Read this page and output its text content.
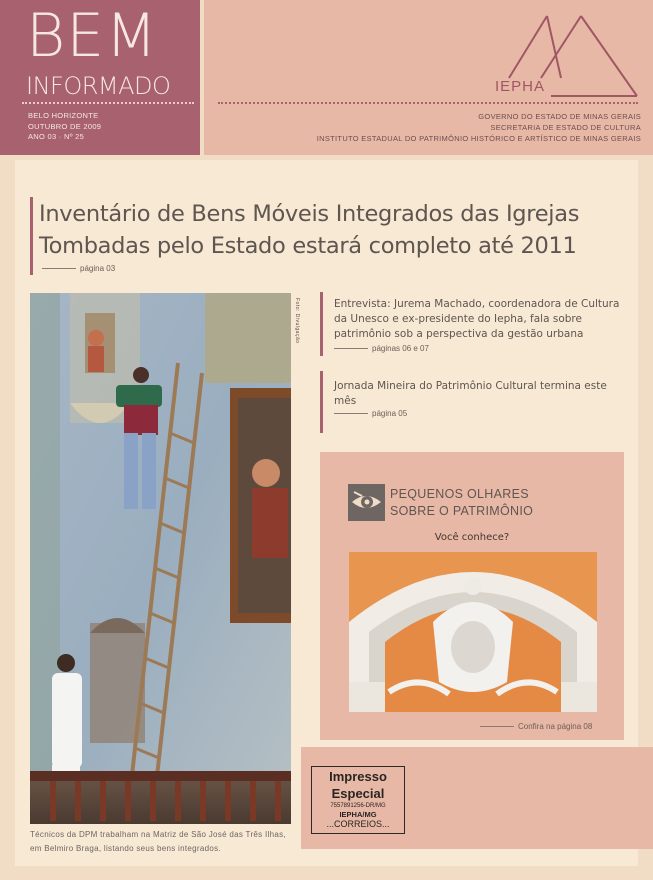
BEM
INFORMADO
BELO HORIZONTE
OUTUBRO DE 2009
ANO 03 · Nº 25
IEPHA
GOVERNO DO ESTADO DE MINAS GERAIS
SECRETARIA DE ESTADO DE CULTURA
INSTITUTO ESTADUAL DO PATRIMÔNIO HISTÓRICO E ARTÍSTICO DE MINAS GERAIS
Inventário de Bens Móveis Integrados das Igrejas
Tombadas pelo Estado estará completo até 2011
página 03
Foto: Divulgação
Técnicos da DPM trabalham na Matriz de São José das Três Ilhas, em Belmiro Braga, listando seus bens integrados.
Entrevista: Jurema Machado, coordenadora de Cultura da Unesco e ex-presidente do Iepha, fala sobre patrimônio sob a perspectiva da gestão urbana
páginas 06 e 07
Jornada Mineira do Patrimônio Cultural termina este mês
página 05
PEQUENOS OLHARES
SOBRE O PATRIMÔNIO
Você conhece?
Confira na página 08
Impresso
Especial
7557891256-DR/MG
IEPHA/MG
...CORREIOS...
